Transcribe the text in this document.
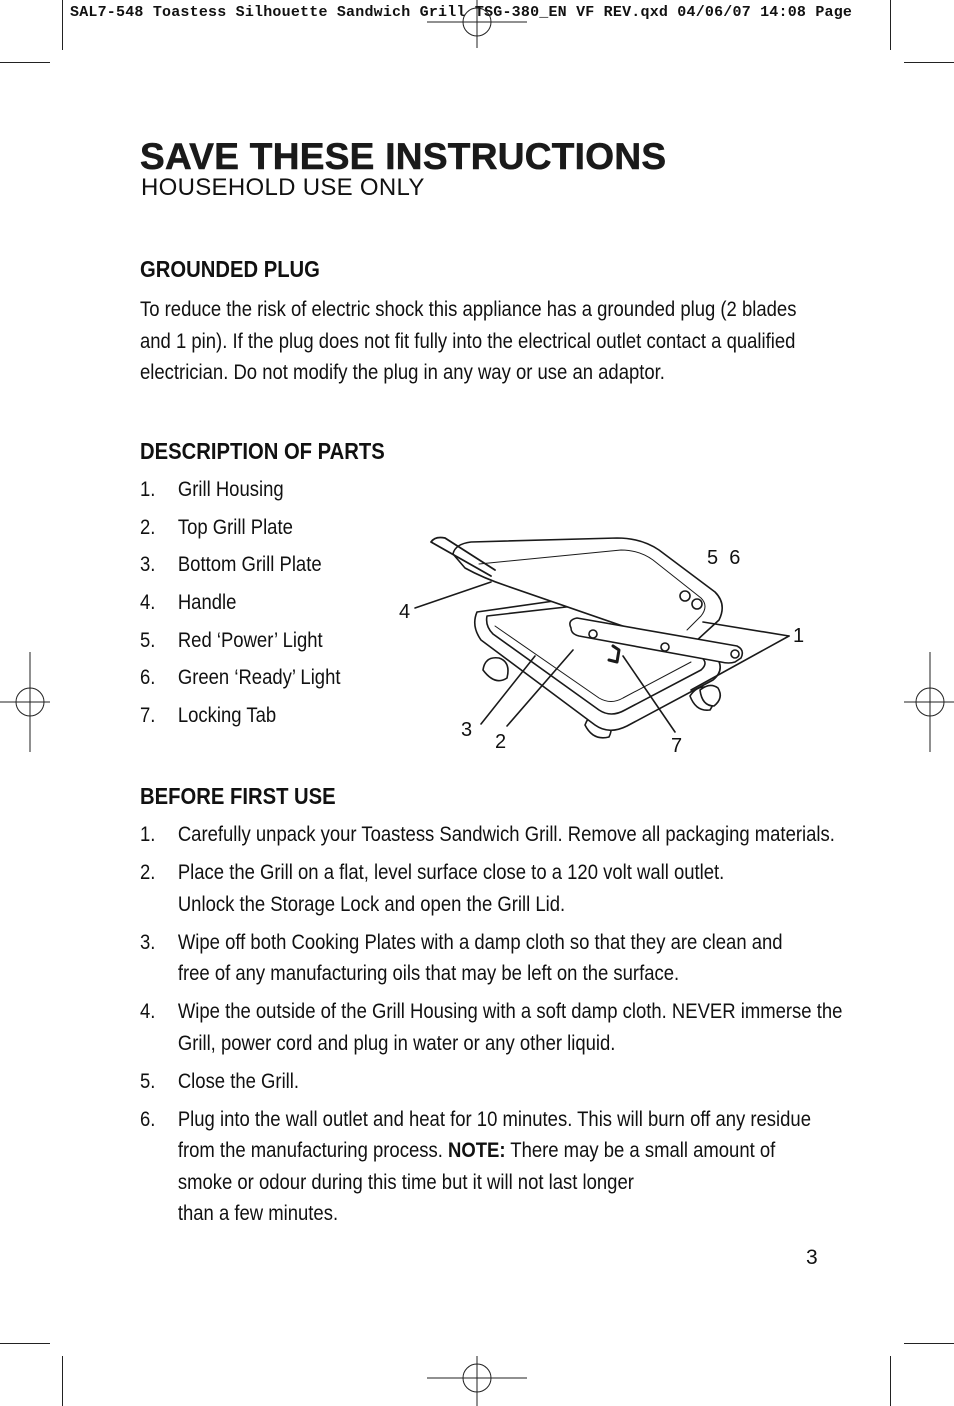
SAL7-548 Toastess Silhouette Sandwich Grill TSG-380_EN VF REV.qxd 04/06/07 14:08 Page
SAVE THESE INSTRUCTIONS
HOUSEHOLD USE ONLY
GROUNDED PLUG
To reduce the risk of electric shock this appliance has a grounded plug (2 blades and 1 pin). If the plug does not fit fully into the electrical outlet contact a qualified electrician. Do not modify the plug in any way or use an adaptor.
DESCRIPTION OF PARTS
1. Grill Housing
2. Top Grill Plate
3. Bottom Grill Plate
4. Handle
5. Red ‘Power’ Light
6. Green ‘Ready’ Light
7. Locking Tab
4
5  6
1
3
2	7
BEFORE FIRST USE
1. Carefully unpack your Toastess Sandwich Grill. Remove all packaging materials.
2. Place the Grill on a flat, level surface close to a 120 volt wall outlet. Unlock the Storage Lock and open the Grill Lid.
3. Wipe off both Cooking Plates with a damp cloth so that they are clean and free of any manufacturing oils that may be left on the surface.
4. Wipe the outside of the Grill Housing with a soft damp cloth. NEVER immerse the Grill, power cord and plug in water or any other liquid.
5. Close the Grill.
6. Plug into the wall outlet and heat for 10 minutes. This will burn off any residue from the manufacturing process. NOTE: There may be a small amount of smoke or odour during this time but it will not last longer
than a few minutes.
3
